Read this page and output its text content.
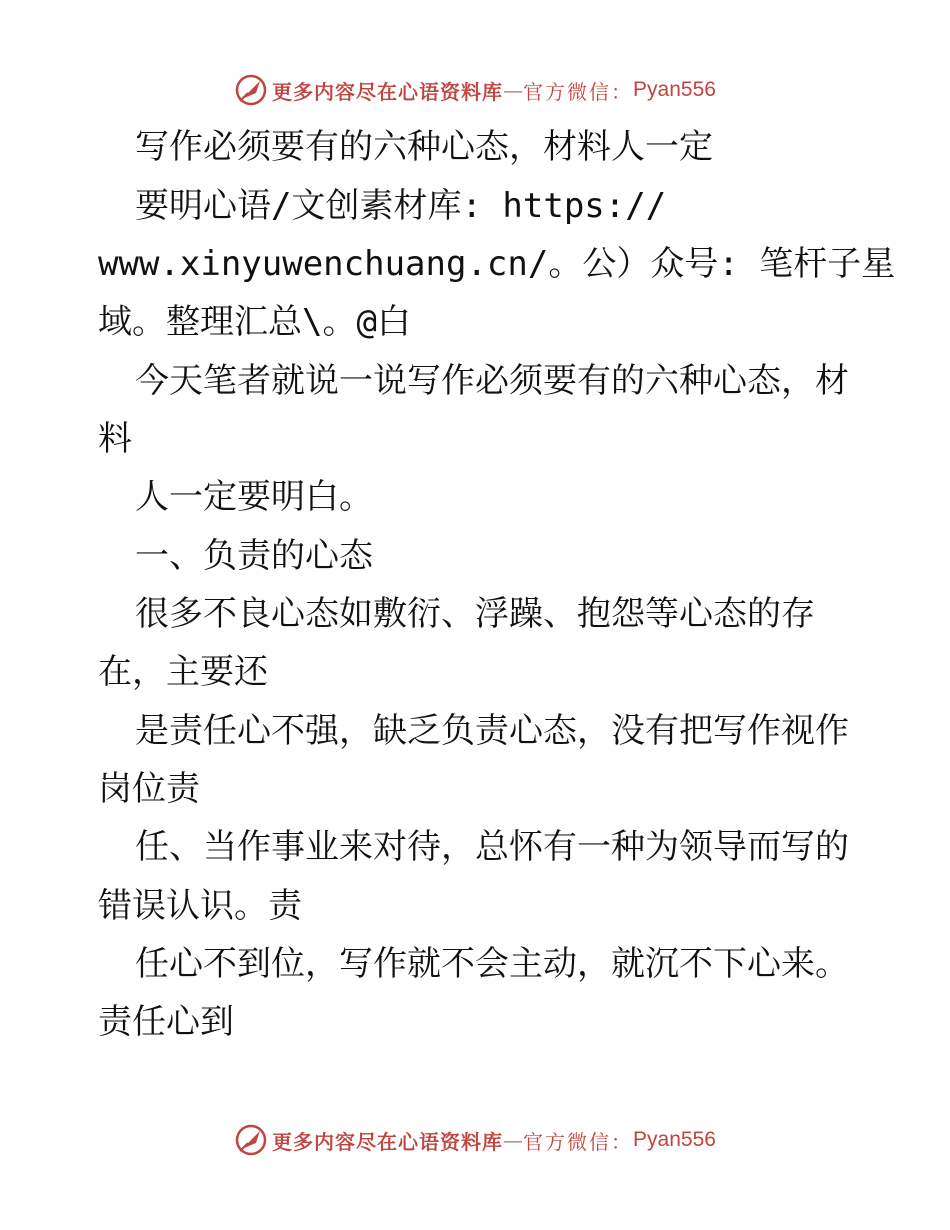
更多内容尽在心语资料库 — 官方微信： Pyan556
写作必须要有的六种心态，材料人一定
要明心语/文创素材库: https://
www.xinyuwenchuang.cn/。公）众号: 笔杆子星
域。整理汇总\。@白
今天笔者就说一说写作必须要有的六种心态，材
料
人一定要明白。
一、负责的心态
很多不良心态如敷衍、浮躁、抱怨等心态的存
在，主要还
是责任心不强，缺乏负责心态，没有把写作视作
岗位责
任、当作事业来对待，总怀有一种为领导而写的
错误认识。责
任心不到位，写作就不会主动，就沉不下心来。
责任心到
更多内容尽在心语资料库 — 官方微信： Pyan556
